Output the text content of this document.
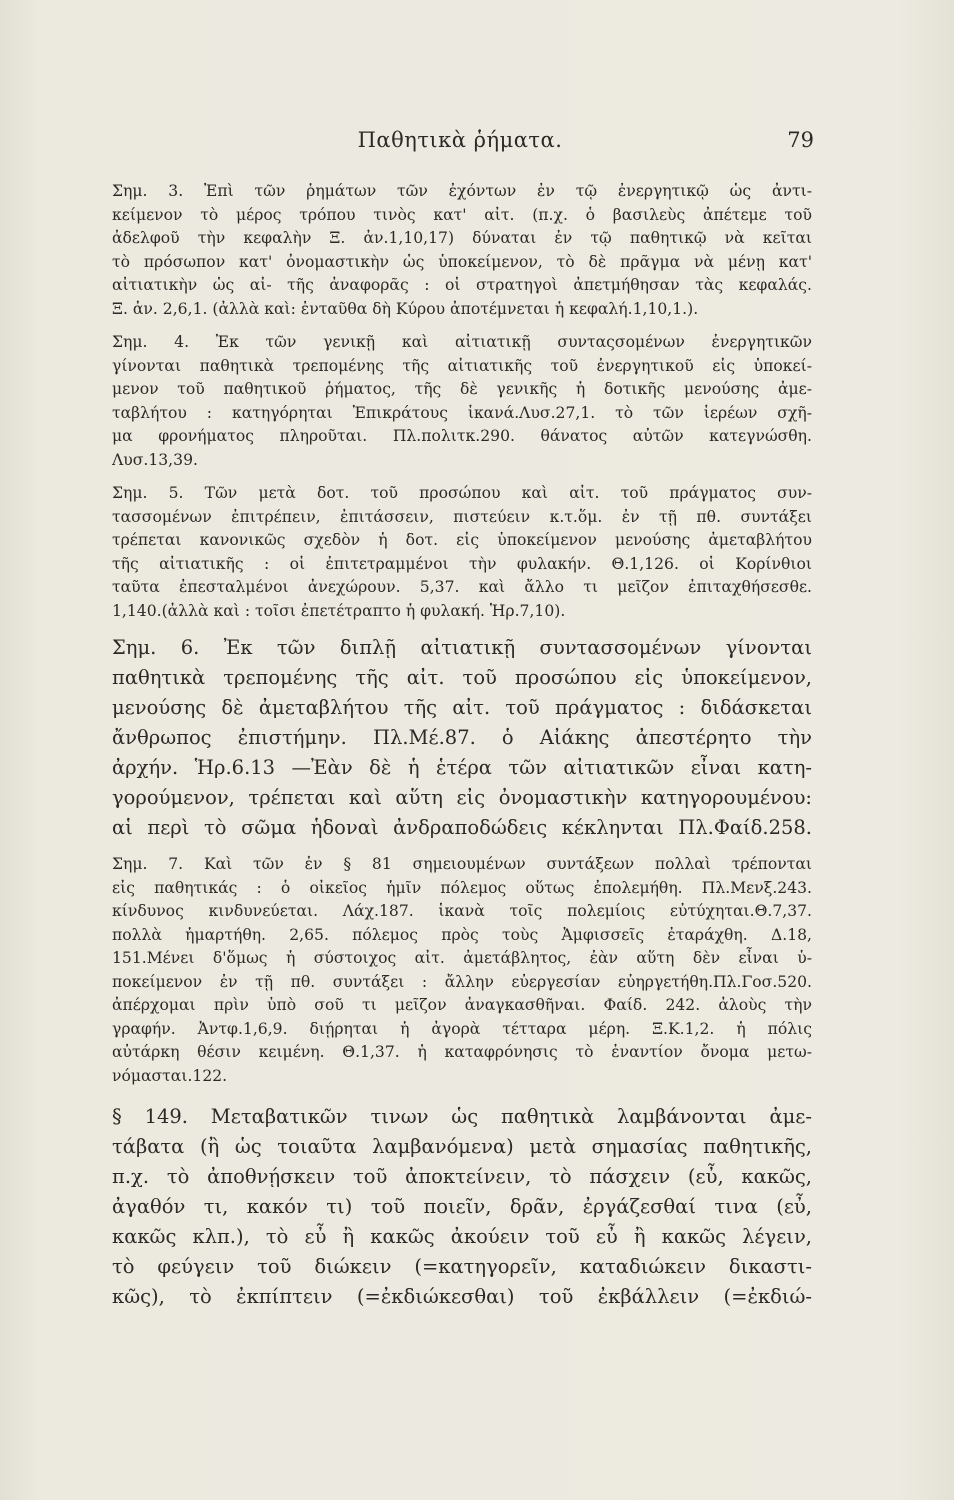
Παθητικὰ ῥήματα.	79
Σημ. 3. Ἐπὶ τῶν ῥημάτων τῶν ἐχόντων ἐν τῷ ἐνεργητικῷ ὡς ἀντι-
κείμενον τὸ μέρος τρόπου τινὸς κατ' αἰτ. (π.χ. ὁ βασιλεὺς ἀπέτεμε τοῦ
ἀδελφοῦ τὴν κεφαλὴν Ξ. ἀν.1,10,17) δύναται ἐν τῷ παθητικῷ νὰ κεῖται
τὸ πρόσωπον κατ' ὀνομαστικὴν ὡς ὑποκείμενον, τὸ δὲ πρᾶγμα νὰ μένῃ κατ'
αἰτιατικὴν ὡς αἰ- τῆς ἀναφορᾶς : οἱ στρατηγοὶ ἀπετμήθησαν τὰς κεφαλάς.
Ξ. ἀν. 2,6,1. (ἀλλὰ καὶ: ἐνταῦθα δὴ Κύρου ἀποτέμνεται ἡ κεφαλή.1,10,1.).
Σημ. 4. Ἐκ τῶν γενικῇ καὶ αἰτιατικῇ συνταςσομένων ἐνεργητικῶν
γίνονται παθητικὰ τρεπομένης τῆς αἰτιατικῆς τοῦ ἐνεργητικοῦ εἰς ὑποκεί-
μενον τοῦ παθητικοῦ ῥήματος, τῆς δὲ γενικῆς ἡ δοτικῆς μενούσης ἀμε-
ταβλήτου : κατηγόρηται Ἐπικράτους ἱκανά.Λυσ.27,1. τὸ τῶν ἱερέων σχῆ-
μα φρονήματος πληροῦται. Πλ.πολιτκ.290. θάνατος αὐτῶν κατεγνώσθη.
Λυσ.13,39.
Σημ. 5. Τῶν μετὰ δοτ. τοῦ προσώπου καὶ αἰτ. τοῦ πράγματος συν-
τασσομένων ἐπιτρέπειν, ἐπιτάσσειν, πιστεύειν κ.τ.ὅμ. ἐν τῇ πθ. συντάξει
τρέπεται κανονικῶς σχεδὸν ἡ δοτ. εἰς ὑποκείμενον μενούσης ἀμεταβλήτου
τῆς αἰτιατικῆς : οἱ ἐπιτετραμμένοι τὴν φυλακήν. Θ.1,126. οἱ Κορίνθιοι
ταῦτα ἐπεσταλμένοι ἀνεχώρουν. 5,37. καὶ ἄλλο τι μεῖζον ἐπιταχθήσεσθε.
1,140.(ἀλλὰ καὶ : τοῖσι ἐπετέτραπτο ἡ φυλακή. Ἡρ.7,10).
Σημ. 6. Ἐκ τῶν διπλῇ αἰτιατικῇ συντασσομένων γίνονται
παθητικὰ τρεπομένης τῆς αἰτ. τοῦ προσώπου εἰς ὑποκείμενον,
μενούσης δὲ ἀμεταβλήτου τῆς αἰτ. τοῦ πράγματος : διδάσκεται
ἄνθρωπος ἐπιστήμην. Πλ.Μέ.87. ὁ Αἰάκης ἀπεστέρητο τὴν
ἀρχήν. Ἡρ.6.13 —Ἐὰν δὲ ἡ ἑτέρα τῶν αἰτιατικῶν εἶναι κατη-
γορούμενον, τρέπεται καὶ αὕτη εἰς ὀνομαστικὴν κατηγορουμένου:
αἱ περὶ τὸ σῶμα ἡδοναὶ ἀνδραποδώδεις κέκληνται Πλ.Φαίδ.258.
Σημ. 7. Καὶ τῶν ἐν § 81 σημειουμένων συντάξεων πολλαὶ τρέπονται
εἰς παθητικάς : ὁ οἰκεῖος ἡμῖν πόλεμος οὕτως ἐπολεμήθη. Πλ.Μενξ.243.
κίνδυνος κινδυνεύεται. Λάχ.187. ἱκανὰ τοῖς πολεμίοις εὐτύχηται.Θ.7,37.
πολλὰ ἡμαρτήθη. 2,65. πόλεμος πρὸς τοὺς Ἀμφισσεῖς ἐταράχθη. Δ.18,
151.Μένει δ'ὅμως ἡ σύστοιχος αἰτ. ἀμετάβλητος, ἐὰν αὕτη δὲν εἶναι ὑ-
ποκείμενον ἐν τῇ πθ. συντάξει : ἄλλην εὐεργεσίαν εὐηργετήθη.Πλ.Γοσ.520.
ἀπέρχομαι πρὶν ὑπὸ σοῦ τι μεῖζον ἀναγκασθῆναι. Φαίδ. 242. ἀλοὺς τὴν
γραφήν. Ἀντφ.1,6,9. διῄρηται ἡ ἀγορὰ τέτταρα μέρη. Ξ.Κ.1,2. ἡ πόλις
αὐτάρκη θέσιν κειμένη. Θ.1,37. ἡ καταφρόνησις τὸ ἐναντίον ὄνομα μετω-
νόμασται.122.
§ 149. Μεταβατικῶν τινων ὡς παθητικὰ λαμβάνονται ἀμε-
τάβατα (ἢ ὡς τοιαῦτα λαμβανόμενα) μετὰ σημασίας παθητικῆς,
π.χ. τὸ ἀποθνῄσκειν τοῦ ἀποκτείνειν, τὸ πάσχειν (εὖ, κακῶς,
ἀγαθόν τι, κακόν τι) τοῦ ποιεῖν, δρᾶν, ἐργάζεσθαί τινα (εὖ,
κακῶς κλπ.), τὸ εὖ ἢ κακῶς ἀκούειν τοῦ εὖ ἢ κακῶς λέγειν,
τὸ φεύγειν τοῦ διώκειν (=κατηγορεῖν, καταδιώκειν δικαστι-
κῶς), τὸ ἐκπίπτειν (=ἐκδιώκεσθαι) τοῦ ἐκβάλλειν (=ἐκδιώ-
